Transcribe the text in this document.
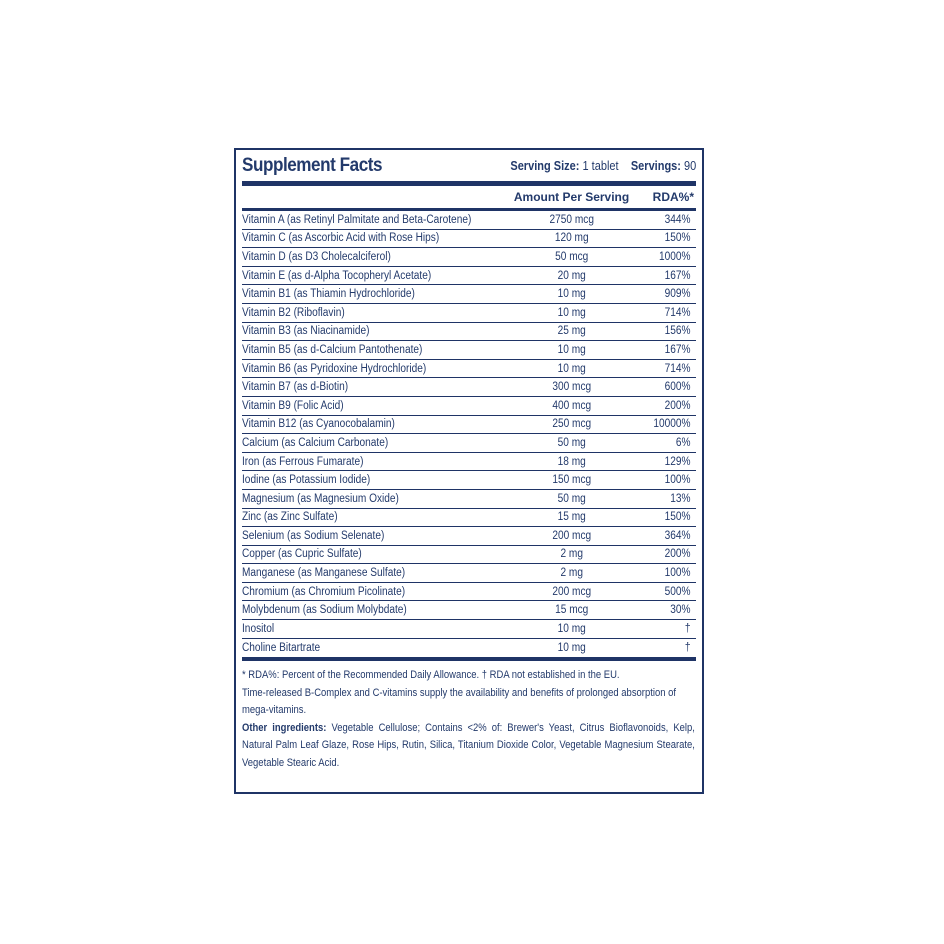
Supplement Facts	Serving Size: 1 tablet Servings: 90
Amount Per Serving	RDA%*
Vitamin A (as Retinyl Palmitate and Beta-Carotene)	2750 mcg	344%
Vitamin C (as Ascorbic Acid with Rose Hips)	120 mg	150%
Vitamin D (as D3 Cholecalciferol)	50 mcg	1000%
Vitamin E (as d-Alpha Tocopheryl Acetate)	20 mg	167%
Vitamin B1 (as Thiamin Hydrochloride)	10 mg	909%
Vitamin B2 (Riboflavin)	10 mg	714%
Vitamin B3 (as Niacinamide)	25 mg	156%
Vitamin B5 (as d-Calcium Pantothenate)	10 mg	167%
Vitamin B6 (as Pyridoxine Hydrochloride)	10 mg	714%
Vitamin B7 (as d-Biotin)	300 mcg	600%
Vitamin B9 (Folic Acid)	400 mcg	200%
Vitamin B12 (as Cyanocobalamin)	250 mcg	10000%
Calcium (as Calcium Carbonate)	50 mg	6%
Iron (as Ferrous Fumarate)	18 mg	129%
Iodine (as Potassium Iodide)	150 mcg	100%
Magnesium (as Magnesium Oxide)	50 mg	13%
Zinc (as Zinc Sulfate)	15 mg	150%
Selenium (as Sodium Selenate)	200 mcg	364%
Copper (as Cupric Sulfate)	2 mg	200%
Manganese (as Manganese Sulfate)	2 mg	100%
Chromium (as Chromium Picolinate)	200 mcg	500%
Molybdenum (as Sodium Molybdate)	15 mcg	30%
Inositol	10 mg	†
Choline Bitartrate	10 mg	†

* RDA%: Percent of the Recommended Daily Allowance. † RDA not established in the EU.

Time-released B-Complex and C-vitamins supply the availability and benefits of prolonged absorption of mega-vitamins.

Other ingredients: Vegetable Cellulose; Contains <2% of: Brewer's Yeast, Citrus Bioflavonoids, Kelp, Natural Palm Leaf Glaze, Rose Hips, Rutin, Silica, Titanium Dioxide Color, Vegetable Magnesium Stearate, Vegetable Stearic Acid.
